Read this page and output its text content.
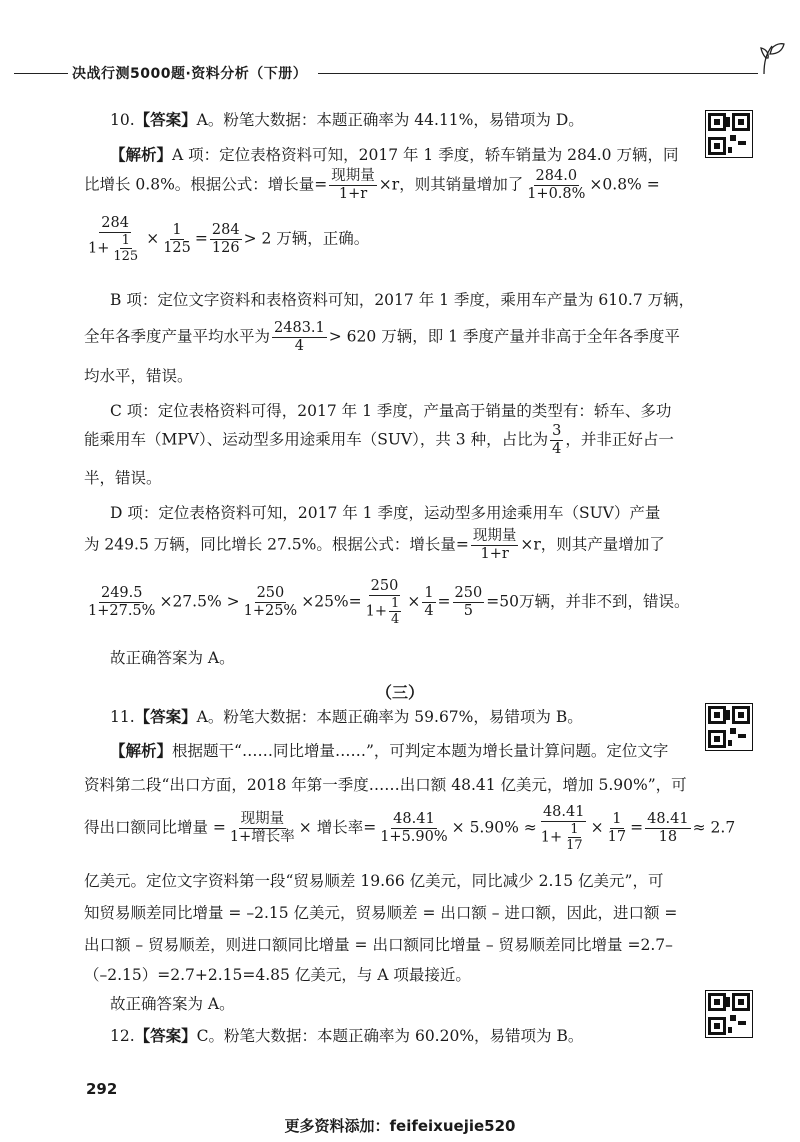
决战行测5000题·资料分析（下册）
10.【答案】A。粉笔大数据：本题正确率为 44.11%，易错项为 D。
【解析】A 项：定位表格资料可知，2017 年 1 季度，轿车销量为 284.0 万辆，同
比增长 0.8%。根据公式：增长量= $\frac{\text{现期量}}{1+r} \times r$，则其销量增加了 $\frac{284.0}{1+0.8\%} \times 0.8\%$ =
$\frac{284}{1+ \frac{1}{125}} \times \frac{1}{125} = \frac{284}{126} > 2$ 万辆，正确。
B 项：定位文字资料和表格资料可知，2017 年 1 季度，乘用车产量为 610.7 万辆，
全年各季度产量平均水平为 $\frac{2483.1}{4} > 620$ 万辆，即 1 季度产量并非高于全年各季度平
均水平，错误。
C 项：定位表格资料可得，2017 年 1 季度，产量高于销量的类型有：轿车、多功
能乘用车（MPV）、运动型多用途乘用车（SUV），共 3 种，占比为 $\frac{3}{4}$ ，并非正好占一
半，错误。
D 项：定位表格资料可知，2017 年 1 季度，运动型多用途乘用车（SUV）产量
为 249.5 万辆，同比增长 27.5%。根据公式：增长量= $\frac{\text{现期量}}{1+r} \times r$，则其产量增加了
$\frac{249.5}{1+27.5\%} \times 27.5\% > \frac{250}{1+25\%} \times 25\%= \frac{250}{1+ \frac{1}{4}} \times \frac{1}{4} = \frac{250}{5} =50$万辆，并非不到，错误。
故正确答案为 A。
（三）
11.【答案】A。粉笔大数据：本题正确率为 59.67%，易错项为 B。
【解析】根据题干“……同比增量……”，可判定本题为增长量计算问题。定位文字
资料第二段“出口方面，2018 年第一季度……出口额 48.41 亿美元，增加 5.90%”，可
得出口额同比增量 = $\frac{\text{现期量}}{\text{1+增长率}}$ × 增长率= $\frac{48.41}{1+5.90\%} \times 5.90\% \approx \frac{48.41}{1+ \frac{1}{17}} \times \frac{1}{17} = \frac{48.41}{18} \approx 2.7$
亿美元。定位文字资料第一段“贸易顺差 19.66 亿美元，同比减少 2.15 亿美元”，可
知贸易顺差同比增量 = –2.15 亿美元，贸易顺差 = 出口额 – 进口额，因此，进口额 =
出口额 – 贸易顺差，则进口额同比增量 = 出口额同比增量 – 贸易顺差同比增量 =2.7–
（–2.15）=2.7+2.15=4.85 亿美元，与 A 项最接近。
故正确答案为 A。
12.【答案】C。粉笔大数据：本题正确率为 60.20%，易错项为 B。
292
更多资料添加：feifeixuejie520
